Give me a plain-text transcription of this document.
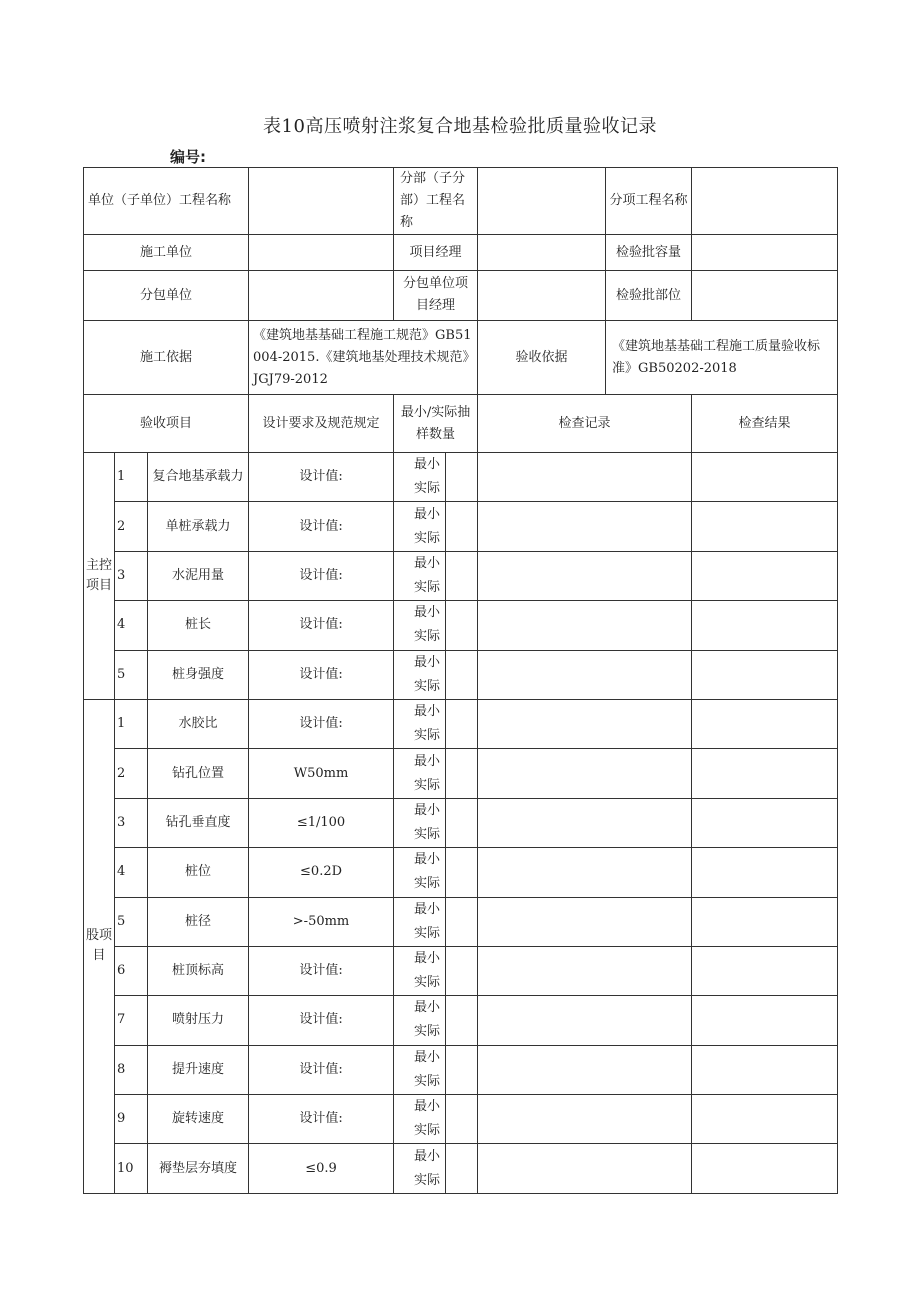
表10高压喷射注浆复合地基检验批质量验收记录
编号:
单位（子单位）工程名称				分部（子分部）工程名称			分项工程名称	
施工单位				项目经理			检验批容量	
分包单位				分包单位项目经理			检验批部位	
施工依据			《建筑地基基础工程施工规范》GB51004-2015.《建筑地基处理技术规范》JGJ79-2012			验收依据	《建筑地基基础工程施工质量验收标准》GB50202-2018	
验收项目			设计要求及规范规定	最小/实际抽样数量		检查记录		检查结果
主控项目	1	复合地基承载力	设计值:	最小
实际				

	2	单桩承载力	设计值:	最小
实际				

	3	水泥用量	设计值:	最小
实际				

	4	桩长	设计值:	最小
实际				

	5	桩身强度	设计值:	最小
实际				

股项目	1	水胶比	设计值:	最小
实际				

	2	钻孔位置	W50mm	最小
实际				

	3	钻孔垂直度	≤1/100	最小
实际				

	4	桩位	≤0.2D	最小
实际				

	5	桩径	>-50mm	最小
实际				

	6	桩顶标高	设计值:	最小
实际				

	7	喷射压力	设计值:	最小
实际				

	8	提升速度	设计值:	最小
实际				

	9	旋转速度	设计值:	最小
实际				

	10	褥垫层夯填度	≤0.9	最小
实际				
